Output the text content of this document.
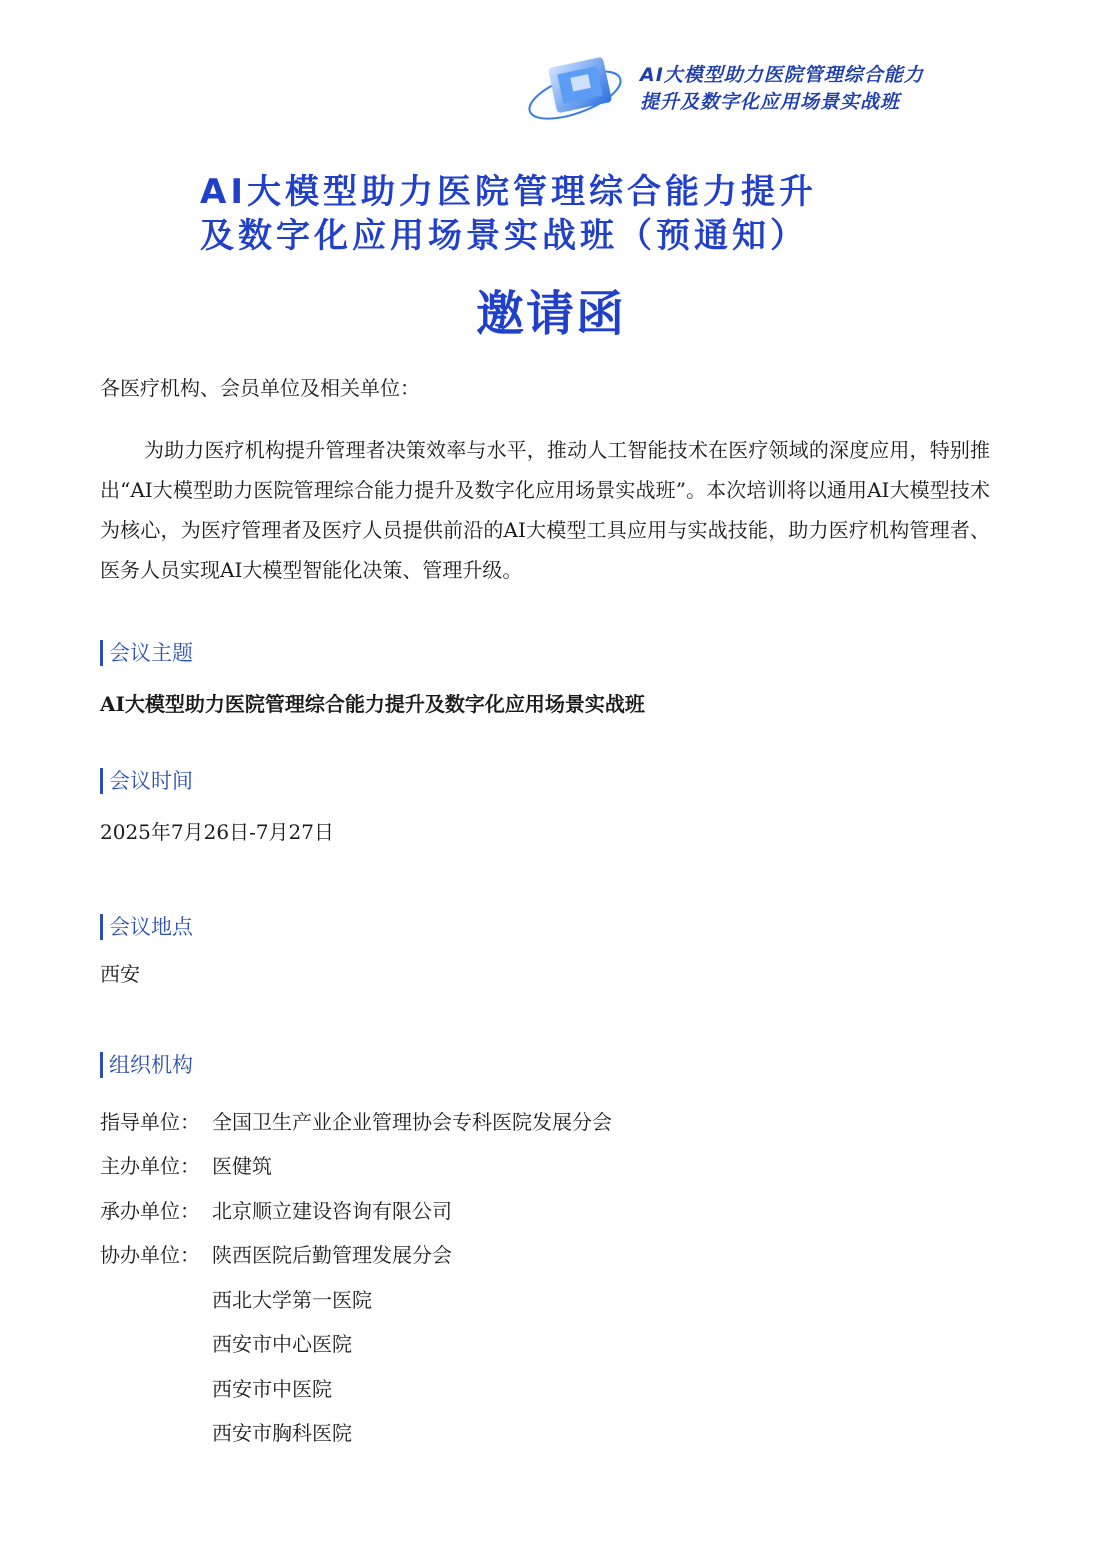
AI大模型助力医院管理综合能力
提升及数字化应用场景实战班
AI大模型助力医院管理综合能力提升
及数字化应用场景实战班（预通知）
邀请函
各医疗机构、会员单位及相关单位：
为助力医疗机构提升管理者决策效率与水平，推动人工智能技术在医疗领域的深度应用，特别推出“AI大模型助力医院管理综合能力提升及数字化应用场景实战班”。本次培训将以通用AI大模型技术为核心，为医疗管理者及医疗人员提供前沿的AI大模型工具应用与实战技能，助力医疗机构管理者、医务人员实现AI大模型智能化决策、管理升级。
会议主题
AI大模型助力医院管理综合能力提升及数字化应用场景实战班
会议时间
2025年7月26日-7月27日
会议地点
西安
组织机构
指导单位： 全国卫生产业企业管理协会专科医院发展分会
主办单位： 医健筑
承办单位： 北京顺立建设咨询有限公司
协办单位： 陕西医院后勤管理发展分会
西北大学第一医院
西安市中心医院
西安市中医院
西安市胸科医院
